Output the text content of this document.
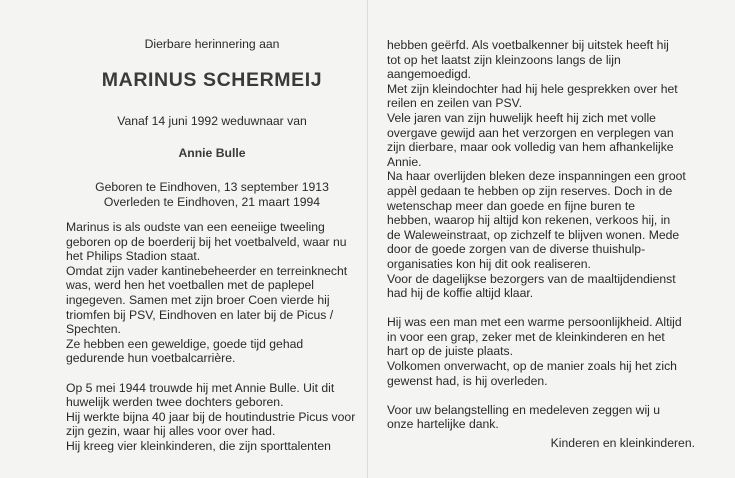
Dierbare herinnering aan
MARINUS SCHERMEIJ
Vanaf 14 juni 1992 weduwnaar van
Annie Bulle
Geboren te Eindhoven, 13 september 1913
Overleden te Eindhoven, 21 maart 1994

Marinus is als oudste van een eeneiige tweeling

geboren op de boerderij bij het voetbalveld, waar nu

het Philips Stadion staat.

Omdat zijn vader kantinebeheerder en terreinknecht

was, werd hen het voetballen met de paplepel

ingegeven. Samen met zijn broer Coen vierde hij

triomfen bij PSV, Eindhoven en later bij de Picus /

Spechten.

Ze hebben een geweldige, goede tijd gehad

gedurende hun voetbalcarrière.

Op 5 mei 1944 trouwde hij met Annie Bulle. Uit dit

huwelijk werden twee dochters geboren.

Hij werkte bijna 40 jaar bij de houtindustrie Picus voor

zijn gezin, waar hij alles voor over had.

Hij kreeg vier kleinkinderen, die zijn sporttalenten

hebben geërfd. Als voetbalkenner bij uitstek heeft hij

tot op het laatst zijn kleinzoons langs de lijn

aangemoedigd.

Met zijn kleindochter had hij hele gesprekken over het

reilen en zeilen van PSV.

Vele jaren van zijn huwelijk heeft hij zich met volle

overgave gewijd aan het verzorgen en verplegen van

zijn dierbare, maar ook volledig van hem afhankelijke

Annie.

Na haar overlijden bleken deze inspanningen een groot

appèl gedaan te hebben op zijn reserves. Doch in de

wetenschap meer dan goede en fijne buren te

hebben, waarop hij altijd kon rekenen, verkoos hij, in

de Waleweinstraat, op zichzelf te blijven wonen. Mede

door de goede zorgen van de diverse thuishulp-

organisaties kon hij dit ook realiseren.

Voor de dagelijkse bezorgers van de maaltijdendienst

had hij de koffie altijd klaar.

Hij was een man met een warme persoonlijkheid. Altijd

in voor een grap, zeker met de kleinkinderen en het

hart op de juiste plaats.

Volkomen onverwacht, op de manier zoals hij het zich

gewenst had, is hij overleden.

Voor uw belangstelling en medeleven zeggen wij u

onze hartelijke dank.

Kinderen en kleinkinderen.
